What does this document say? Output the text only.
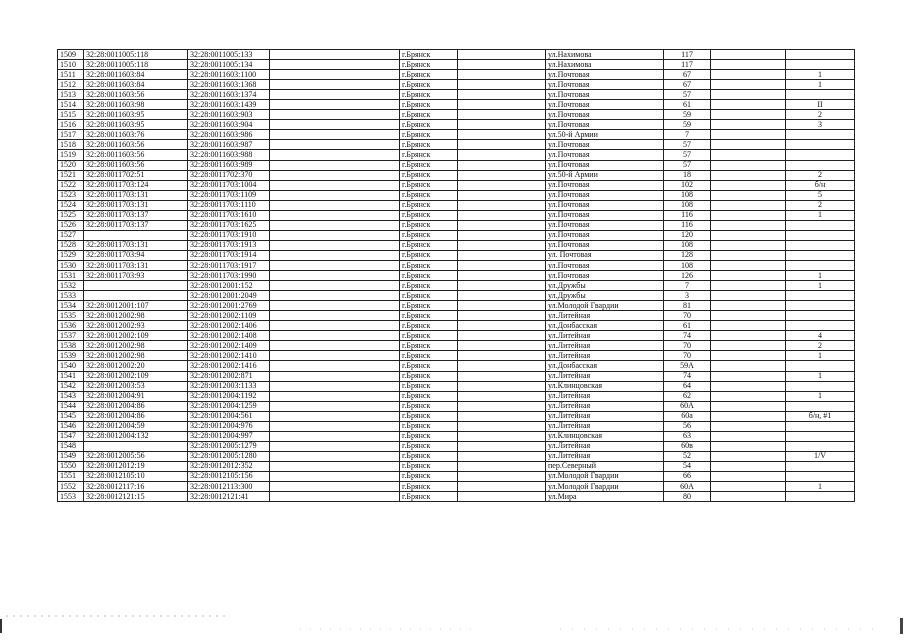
1509	32:28:0011005:118	32:28:0011005:133		г.Брянск		ул.Нахимова	117		
1510	32:28:0011005:118	32:28:0011005:134		г.Брянск		ул.Нахимова	117		
1511	32:28:0011603:84	32:28:0011603:1100		г.Брянск		ул.Почтовая	67		1
1512	32:28:0011603:84	32:28:0011603:1368		г.Брянск		ул.Почтовая	67		1
1513	32:28:0011603:56	32:28:0011603:1374		г.Брянск		ул.Почтовая	57		
1514	32:28:0011603:98	32:28:0011603:1439		г.Брянск		ул.Почтовая	61		II
1515	32:28:0011603:95	32:28:0011603:903		г.Брянск		ул.Почтовая	59		2
1516	32:28:0011603:95	32:28:0011603:904		г.Брянск		ул.Почтовая	59		3
1517	32:28:0011603:76	32:28:0011603:986		г.Брянск		ул.50-й Армии	7		
1518	32:28:0011603:56	32:28:0011603:987		г.Брянск		ул.Почтовая	57		
1519	32:28:0011603:56	32:28:0011603:988		г.Брянск		ул.Почтовая	57		
1520	32:28:0011603:56	32:28:0011603:989		г.Брянск		ул.Почтовая	57		
1521	32:28:0011702:51	32:28:0011702:370		г.Брянск		ул.50-й Армии	18		2
1522	32:28:0011703:124	32:28:0011703:1004		г.Брянск		ул.Почтовая	102		б/н
1523	32:28:0011703:131	32:28:0011703:1109		г.Брянск		ул.Почтовая	108		5
1524	32:28:0011703:131	32:28:0011703:1110		г.Брянск		ул.Почтовая	108		2
1525	32:28:0011703:137	32:28:0011703:1610		г.Брянск		ул.Почтовая	116		1
1526	32:28:0011703:137	32:28:0011703:1625		г.Брянск		ул.Почтовая	116		
1527		32:28:0011703:1910		г.Брянск		ул.Почтовая	120		
1528	32:28:0011703:131	32:28:0011703:1913		г.Брянск		ул.Почтовая	108		
1529	32:28:0011703:94	32:28:0011703:1914		г.Брянск		ул. Почтовая	128		
1530	32:28:0011703:131	32:28:0011703:1917		г.Брянск		ул.Почтовая	108		
1531	32:28:0011703:93	32:28:0011703:1990		г.Брянск		ул.Почтовая	126		1
1532		32:28:0012001:152		г.Брянск		ул.Дружбы	7		1
1533		32:28:0012001:2049		г.Брянск		ул.Дружбы	3		
1534	32:28:0012001:107	32:28:0012001:2769		г.Брянск		ул.Молодой Гвардии	81		
1535	32:28:0012002:98	32:28:0012002:1109		г.Брянск		ул.Литейная	70		
1536	32:28:0012002:93	32:28:0012002:1406		г.Брянск		ул.Донбасская	61		
1537	32:28:0012002:109	32:28:0012002:1408		г.Брянск		ул.Литейная	74		4
1538	32:28:0012002:98	32:28:0012002:1409		г.Брянск		ул.Литейная	70		2
1539	32:28:0012002:98	32:28:0012002:1410		г.Брянск		ул.Литейная	70		1
1540	32:28:0012002:20	32:28:0012002:1416		г.Брянск		ул.Донбасская	59А		
1541	32:28:0012002:109	32:28:0012002:871		г.Брянск		ул.Литейная	74		1
1542	32:28:0012003:53	32:28:0012003:1133		г.Брянск		ул.Клинцовская	64		
1543	32:28:0012004:91	32:28:0012004:1192		г.Брянск		ул.Литейная	62		1
1544	32:28:0012004:86	32:28:0012004:1259		г.Брянск		ул.Литейная	60А		
1545	32:28:0012004:86	32:28:0012004:561		г.Брянск		ул.Литейная	60а		б/н, #1
1546	32:28:0012004:59	32:28:0012004:976		г.Брянск		ул.Литейная	56		
1547	32:28:0012004:132	32:28:0012004:997		г.Брянск		ул.Клинцовская	63		
1548		32:28:0012005:1279		г.Брянск		ул.Литейная	60в		
1549	32:28:0012005:56	32:28:0012005:1280		г.Брянск		ул.Литейная	52		1/V
1550	32:28:0012012:19	32:28:0012012:352		г.Брянск		пер.Северный	54		
1551	32:28:0012105:10	32:28:0012105:156		г.Брянск		ул.Молодой Гвардии	66		
1552	32:28:0012117:16	32:28:0012113:300		г.Брянск		ул.Молодой Гвардии	60А		1
1553	32:28:0012121:15	32:28:0012121:41		г.Брянск		ул.Мира	80		
